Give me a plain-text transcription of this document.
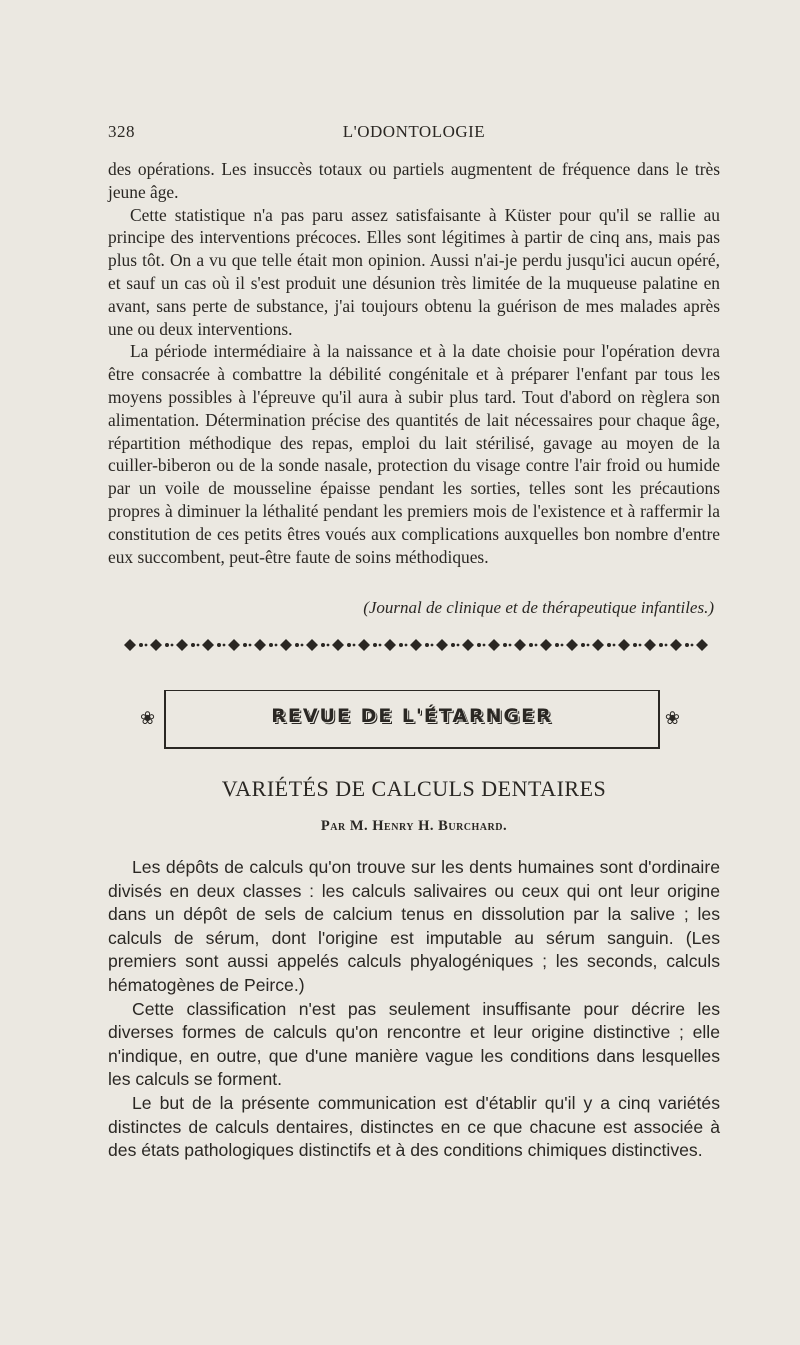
328	L'ODONTOLOGIE

des opérations. Les insuccès totaux ou partiels augmentent de fréquence dans le très jeune âge.

Cette statistique n'a pas paru assez satisfaisante à Küster pour qu'il se rallie au principe des interventions précoces. Elles sont légitimes à partir de cinq ans, mais pas plus tôt. On a vu que telle était mon opinion. Aussi n'ai-je perdu jusqu'ici aucun opéré, et sauf un cas où il s'est produit une désunion très limitée de la muqueuse palatine en avant, sans perte de substance, j'ai toujours obtenu la guérison de mes malades après une ou deux interventions.

La période intermédiaire à la naissance et à la date choisie pour l'opération devra être consacrée à combattre la débilité congénitale et à préparer l'enfant par tous les moyens possibles à l'épreuve qu'il aura à subir plus tard. Tout d'abord on règlera son alimentation. Détermination précise des quantités de lait nécessaires pour chaque âge, répartition méthodique des repas, emploi du lait stérilisé, gavage au moyen de la cuiller-biberon ou de la sonde nasale, protection du visage contre l'air froid ou humide par un voile de mousseline épaisse pendant les sorties, telles sont les précautions propres à diminuer la léthalité pendant les premiers mois de l'existence et à raffermir la constitution de ces petits êtres voués aux complications auxquelles bon nombre d'entre eux succombent, peut-être faute de soins méthodiques.

(Journal de clinique et de thérapeutique infantiles.)
❀	REVUE DE L'ÉTARNGER	❀
VARIÉTÉS DE CALCULS DENTAIRES
Par M. Henry H. Burchard.

Les dépôts de calculs qu'on trouve sur les dents humaines sont d'ordinaire divisés en deux classes : les calculs salivaires ou ceux qui ont leur origine dans un dépôt de sels de calcium tenus en dissolution par la salive ; les calculs de sérum, dont l'origine est imputable au sérum sanguin. (Les premiers sont aussi appelés calculs phyalogéniques ; les seconds, calculs hématogènes de Peirce.)

Cette classification n'est pas seulement insuffisante pour décrire les diverses formes de calculs qu'on rencontre et leur origine distinctive ; elle n'indique, en outre, que d'une manière vague les conditions dans lesquelles les calculs se forment.

Le but de la présente communication est d'établir qu'il y a cinq variétés distinctes de calculs dentaires, distinctes en ce que chacune est associée à des états pathologiques distinctifs et à des conditions chimiques distinctives.
